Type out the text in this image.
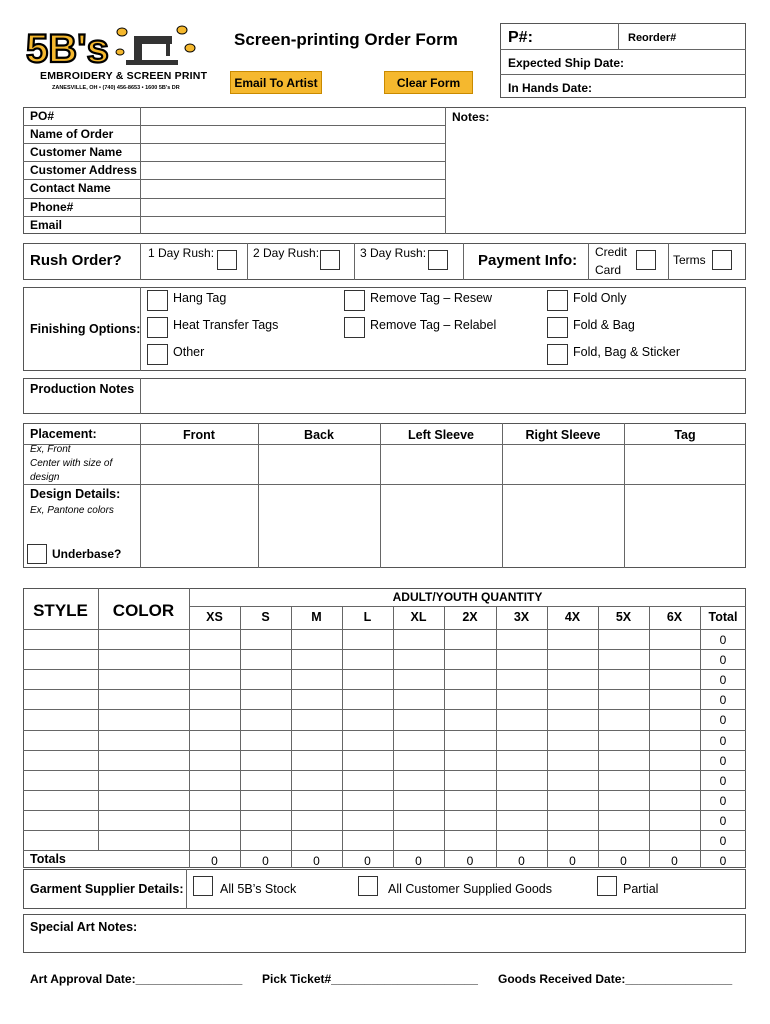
5B's
EMBROIDERY & SCREEN PRINT
ZANESVILLE, OH • (740) 456-8653 • 1600 5B's DR
Screen-printing Order Form
Email To Artist	Clear Form
P#:	Reorder#
Expected Ship Date:
In Hands Date:
PO#
Name of Order
Customer Name
Customer Address
Contact Name
Phone#
Email
Notes:
Rush Order? 1 Day Rush:	2 Day Rush:	3 Day Rush:	Payment Info: Credit
Card
Terms
Finishing Options:
Hang Tag	Remove Tag – Resew	Fold Only
Heat Transfer Tags	Remove Tag – Relabel	Fold & Bag
Other	Fold, Bag & Sticker
Production Notes
Placement:
Ex, Front
Center with size of
design
Front	Back	Left Sleeve	Right Sleeve	Tag
Design Details:
Ex, Pantone colors
Underbase?
STYLE	COLOR
ADULT/YOUTH QUANTITY
XS	S	M	L	XL	2X	3X	4X	5X	6X	Total
0
0
0
0
0
0
0
0
0
0
0
Totals	0	0	0	0	0	0	0	0	0	0	0
Garment Supplier Details:	All 5B’s Stock	All Customer Supplied Goods	Partial
Special Art Notes:
Art Approval Date:________________ Pick Ticket#______________________ Goods Received Date:________________
